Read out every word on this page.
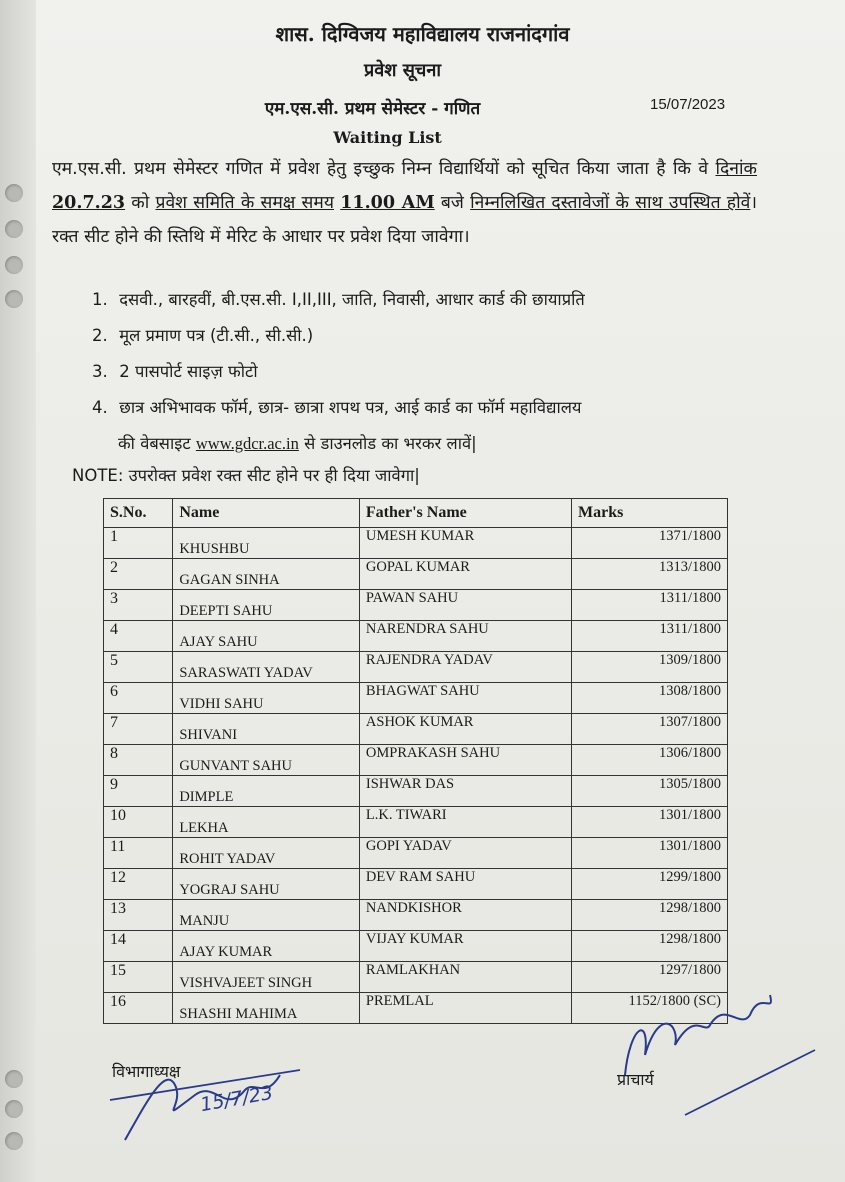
शास. दिग्विजय महाविद्यालय राजनांदगांव
प्रवेश सूचना
एम.एस.सी. प्रथम सेमेस्टर - गणित	15/07/2023
Waiting List
एम.एस.सी. प्रथम सेमेस्टर गणित में प्रवेश हेतु इच्छुक निम्न विद्यार्थियों को सूचित किया जाता है कि वे दिनांक 20.7.23 को प्रवेश समिति के समक्ष समय 11.00 AM बजे निम्नलिखित दस्तावेजों के साथ उपस्थित होवें। रक्त सीट होने की स्तिथि में मेरिट के आधार पर प्रवेश दिया जावेगा।
1. दसवी., बारहवीं, बी.एस.सी. I,II,III, जाति, निवासी, आधार कार्ड की छायाप्रति
2. मूल प्रमाण पत्र (टी.सी., सी.सी.)
3. 2 पासपोर्ट साइज़ फोटो
4. छात्र अभिभावक फॉर्म, छात्र- छात्रा शपथ पत्र, आई कार्ड का फॉर्म महाविद्यालय
की वेबसाइट www.gdcr.ac.in से डाउनलोड का भरकर लावें|
NOTE: उपरोक्त प्रवेश रक्त सीट होने पर ही दिया जावेगा|
S.No.	Name	Father's Name	Marks
1	KHUSHBU	UMESH KUMAR	1371/1800
2	GAGAN SINHA	GOPAL KUMAR	1313/1800
3	DEEPTI SAHU	PAWAN SAHU	1311/1800
4	AJAY SAHU	NARENDRA SAHU	1311/1800
5	SARASWATI YADAV	RAJENDRA YADAV	1309/1800
6	VIDHI SAHU	BHAGWAT SAHU	1308/1800
7	SHIVANI	ASHOK KUMAR	1307/1800
8	GUNVANT SAHU	OMPRAKASH SAHU	1306/1800
9	DIMPLE	ISHWAR DAS	1305/1800
10	LEKHA	L.K. TIWARI	1301/1800
11	ROHIT YADAV	GOPI YADAV	1301/1800
12	YOGRAJ SAHU	DEV RAM SAHU	1299/1800
13	MANJU	NANDKISHOR	1298/1800
14	AJAY KUMAR	VIJAY KUMAR	1298/1800
15	VISHVAJEET SINGH	RAMLAKHAN	1297/1800
16	SHASHI MAHIMA	PREMLAL	1152/1800 (SC)
विभागाध्यक्ष
15/7/23
प्राचार्य
